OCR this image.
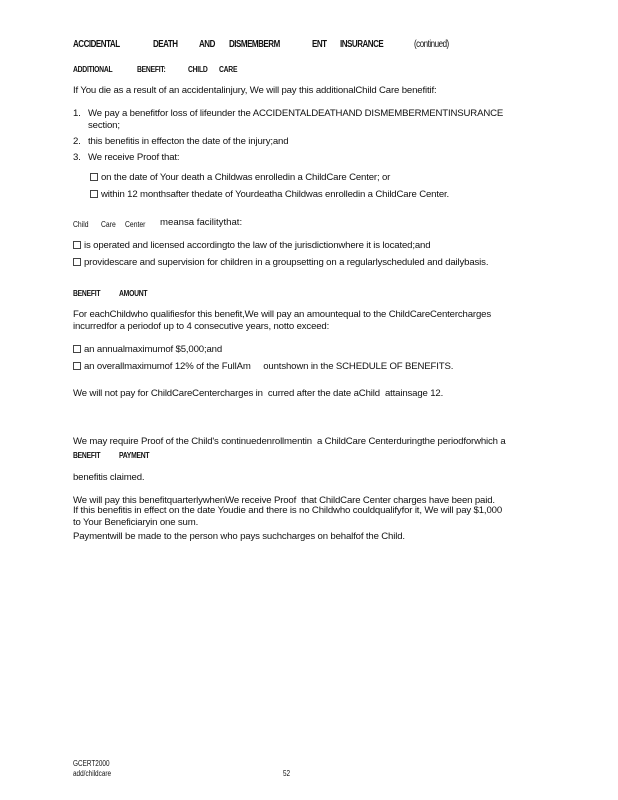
ACCIDENTAL	DEATH AND DISMEMBERM	ENT INSURANCE	(continued)
ADDITIONAL	BENEFIT:	CHILD CARE
If You die as a result of an accidentalinjury, We will pay this additionalChild Care benefitif:
1. We pay a benefitfor loss of lifeunder the ACCIDENTALDEATHAND DISMEMBERMENTINSURANCE
section;
2. this benefitis in effecton the date of the injury;and
3. We receive Proof that:
on the date of Your death a Childwas enrolledin a ChildCare Center; or
within 12 monthsafter thedate of Yourdeatha Childwas enrolledin a ChildCare Center.
Child Care Center meansa facilitythat:
is operated and licensed accordingto the law of the jurisdictionwhere it is located;and
providescare and supervision for children in a groupsetting on a regularlyscheduled and dailybasis.
BENEFIT AMOUNT
For eachChildwho qualifiesfor this benefit,We will pay an amountequal to the ChildCareCentercharges
incurredfor a periodof up to 4 consecutive years, notto exceed:
an annualmaximumof $5,000;and
an overallmaximumof 12% of the FullAm     ountshown in the SCHEDULE OF BENEFITS.
We will not pay for ChildCareCentercharges in  curred after the date aChild  attainsage 12.

We may require Proof of the Child's continuedenrollmentin  a ChildCare Centerduringthe periodforwhich a

benefitis claimed.

BENEFIT PAYMENT

We will pay this benefitquarterlywhenWe receive Proof  that ChildCare Center charges have been paid.

Paymentwill be made to the person who pays suchcharges on behalfof the Child.

If this benefitis in effect on the date Youdie and there is no Childwho couldqualifyfor it, We will pay $1,000
to Your Beneficiaryin one sum.
GCERT2000
add/childcare	52
